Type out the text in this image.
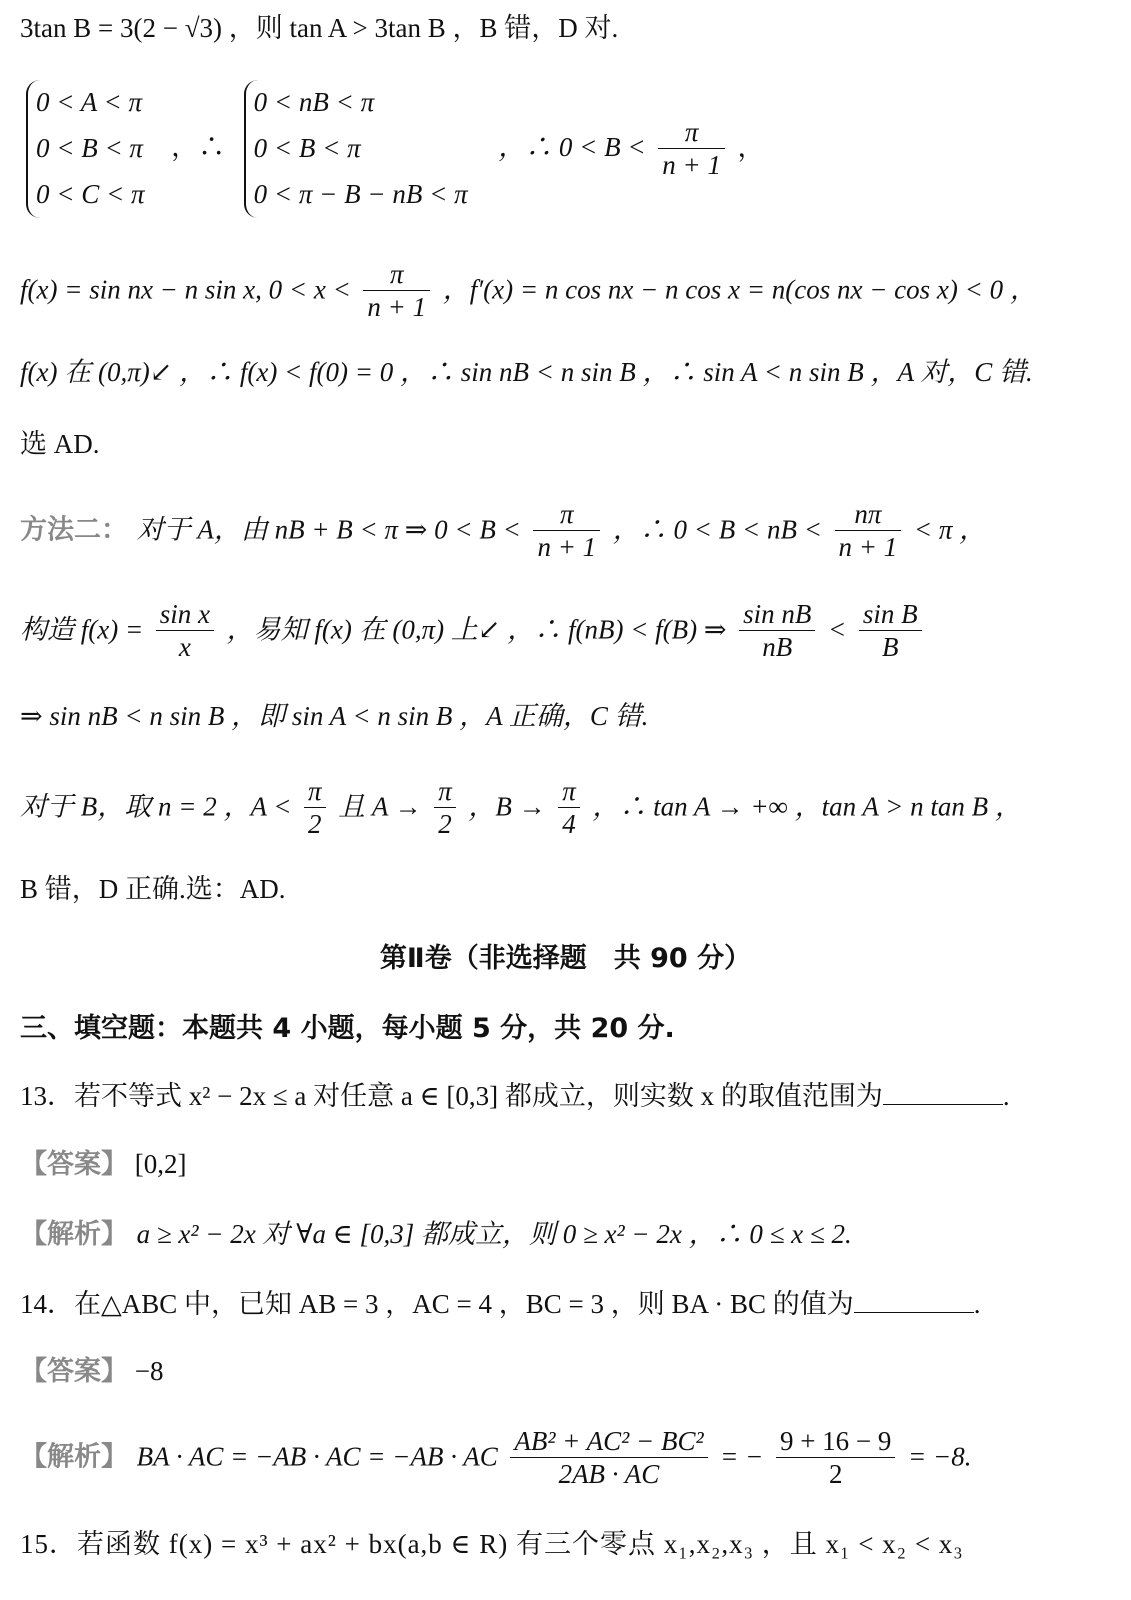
3tan B = 3(2 − √3) ，则 tan A > 3tan B ，B 错，D 对.
0 < A < π
0 < B < π
0 < C < π
，∴
0 < nB < π
0 < B < π
0 < π − B − nB < π
，∴ $0 < B < \frac{\pi}{n + 1}$ ，
f(x) = sin nx − n sin x, $0 < x < \frac{\pi}{n + 1}$ ，f′(x) = n cos nx − n cos x = n(cos nx − cos x) < 0 ，
f(x) 在 (0,π)↙ ，∴ f(x) < f(0) = 0 ，∴ sin nB < n sin B ，∴ sin A < n sin B ，A 对，C 错.
选 AD.
方法二： 对于 A，由 nB + B < π ⇒ $0 < B < \frac{\pi}{n + 1}$ ，∴ 0 < B < nB < $\frac{n\pi}{n + 1} < \pi$ ，
构造 $f(x) = \frac{\text{sin x}}{x}$ ，易知 f(x) 在 (0,π) 上↙ ，∴ f(nB) < f(B) ⇒ $\frac{\text{sin nB}}{nB} < \frac{\text{sin B}}{B}$
⇒ sin nB < n sin B ，即 sin A < n sin B ，A 正确，C 错.
对于 B，取 n = 2 ，$A < \frac{\pi}{2}$ 且 $A \to \frac{\pi}{2}$ ，$B \to \frac{\pi}{4}$ ，∴ tan A → +∞ ，tan A > n tan B ，
B 错，D 正确.选：AD.
第Ⅱ卷（非选择题　共 90 分）
三、填空题：本题共 4 小题，每小题 5 分，共 20 分.
13．若不等式 x² − 2x ≤ a 对任意 a ∈ [0,3] 都成立，则实数 x 的取值范围为	.
【答案】 [0,2]
【解析】 a ≥ x² − 2x 对 ∀a ∈ [0,3] 都成立，则 0 ≥ x² − 2x ，∴ 0 ≤ x ≤ 2.
14．在△ABC 中，已知 AB = 3 ，AC = 4 ，BC = 3 ，则 BA · BC 的值为	.
【答案】 −8
【解析】 BA · AC = −AB · AC = −AB · AC $\frac{\text{AB² + AC² − BC²}}{2AB \cdot AC}$ = − $\frac{9 + 16 - 9}{2} = -8$.
15．若函数 f(x) = x³ + ax² + bx(a,b ∈ R) 有三个零点 x₁,x₂,x₃ ，且 x₁ < x₂ < x₃
